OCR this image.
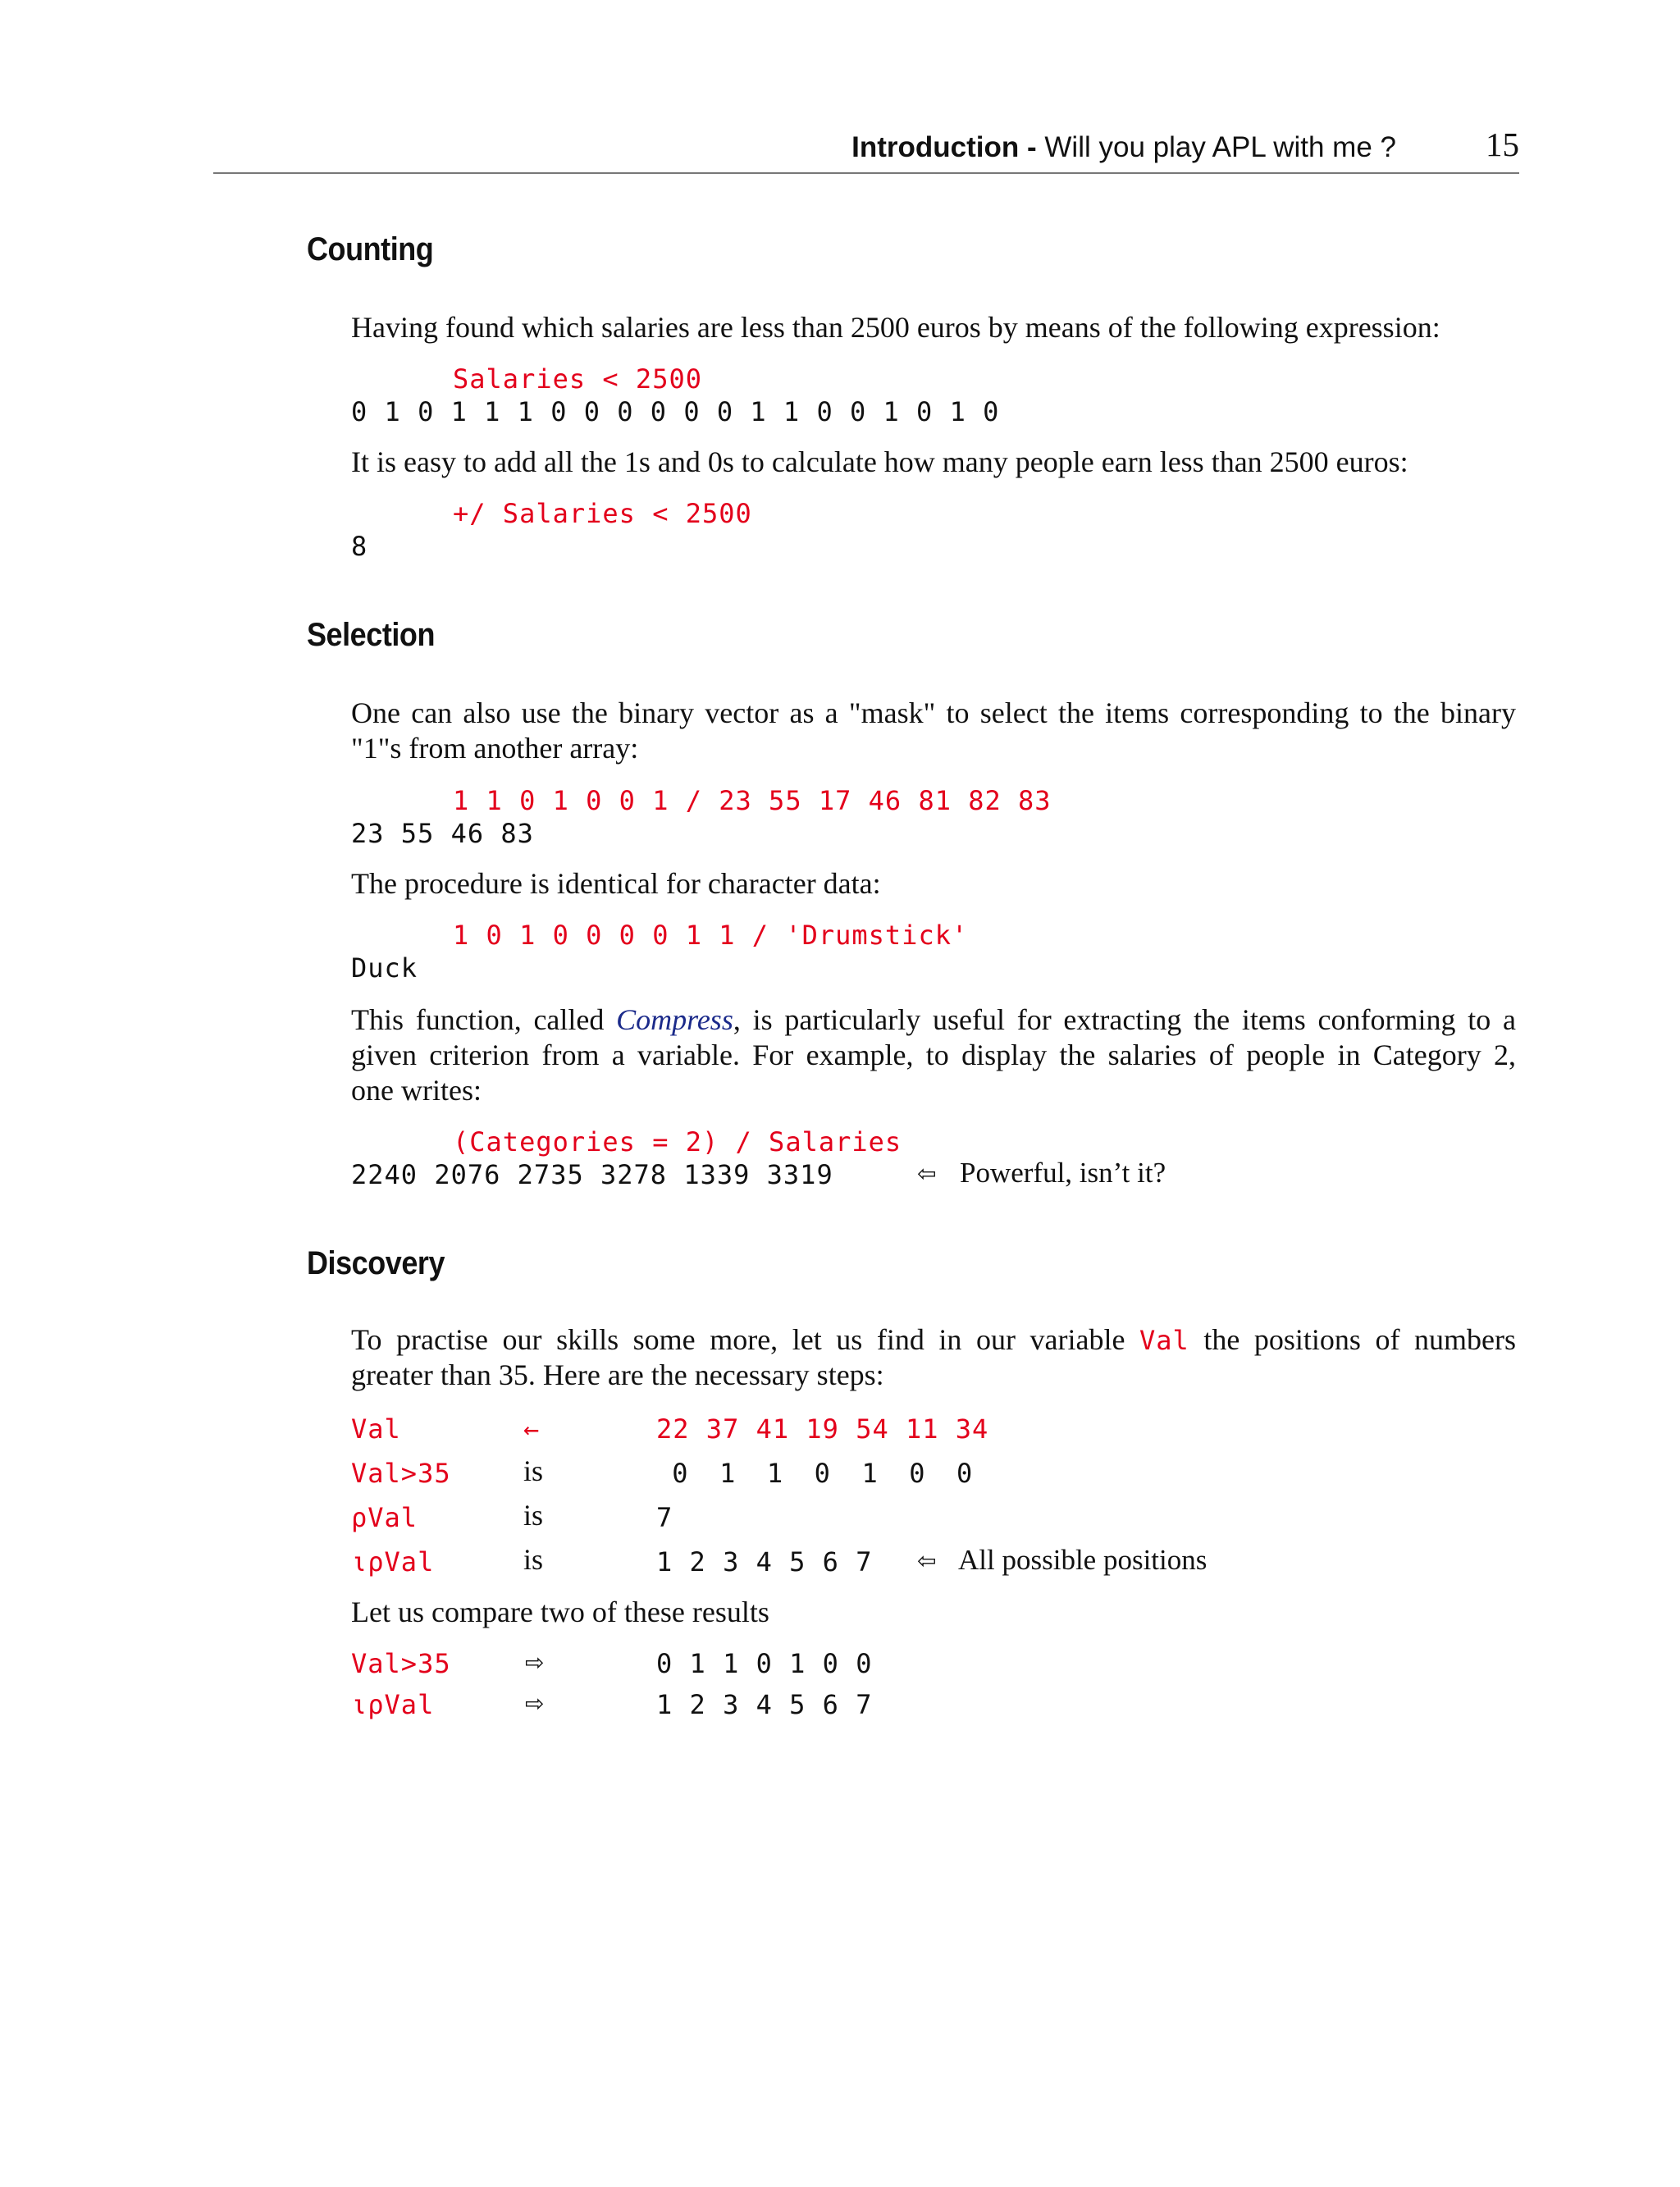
Introduction - Will you play APL with me ?	15
Counting
Having found which salaries are less than 2500 euros by means of the following expression:
Salaries < 2500
0 1 0 1 1 1 0 0 0 0 0 0 1 1 0 0 1 0 1 0
It is easy to add all the 1s and 0s to calculate how many people earn less than 2500 euros:
+/ Salaries < 2500
8
Selection
One can also use the binary vector as a "mask" to select the items corresponding to the binary
"1"s from another array:
1 1 0 1 0 0 1 / 23 55 17 46 81 82 83
23 55 46 83
The procedure is identical for character data:
1 0 1 0 0 0 0 1 1 / 'Drumstick'
Duck
This function, called Compress, is particularly useful for extracting the items conforming to a
given criterion from a variable. For example, to display the salaries of people in Category 2,
one writes:
(Categories = 2) / Salaries
2240 2076 2735 3278 1339 3319	⇦ Powerful, isn’t it?
Discovery
To practise our skills some more, let us find in our variable Val the positions of numbers
greater than 35. Here are the necessary steps:
Val	←	22 37 41 19 54 11 34
Val>35 is	0  1  1  0  1  0  0
ρVal	is	7
ιρVal	is	1 2 3 4 5 6 7 ⇦ All possible positions
Let us compare two of these results
Val>35	⇨	0 1 1 0 1 0 0
ιρVal	⇨	1 2 3 4 5 6 7
